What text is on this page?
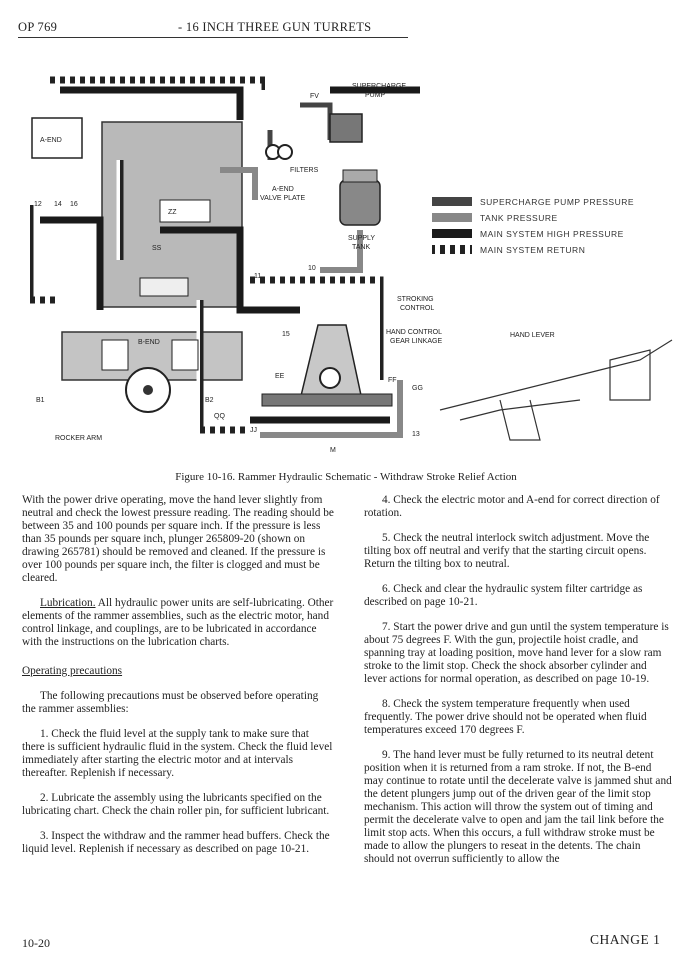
OP 769	- 16 INCH THREE GUN TURRETS
SUPERCHARGE PUMP PRESSURE
TANK PRESSURE
MAIN SYSTEM HIGH PRESSURE
MAIN SYSTEM RETURN
SUPERCHARGE
PUMP
FV
FILTERS
A-END
A-END
VALVE PLATE
SUPPLY
TANK
STROKING
CONTROL
HAND CONTROL
GEAR LINKAGE
HAND LEVER
B-END
ROCKER ARM
SS
ZZ
EE
FF
GG
QQ
JJ
B1	B2
M
12 14 16
10
11
13
15
Figure 10-16. Rammer Hydraulic Schematic - Withdraw Stroke Relief Action

With the power drive operating, move the hand lever slightly from neutral and check the lowest pressure reading. The reading should be between 35 and 100 pounds per square inch. If the pressure is less than 35 pounds per square inch, plunger 265809-20 (shown on drawing 265781) should be removed and cleaned. If the pressure is over 100 pounds per square inch, the filter is clogged and must be cleared.

Lubrication. All hydraulic power units are self-lubricating. Other elements of the rammer assemblies, such as the electric motor, hand control linkage, and couplings, are to be lubricated in accordance with the instructions on the lubrication charts.

Operating precautions

The following precautions must be observed before operating the rammer assemblies:

1. Check the fluid level at the supply tank to make sure that there is sufficient hydraulic fluid in the system. Check the fluid level immediately after starting the electric motor and at intervals thereafter. Replenish if necessary.

2. Lubricate the assembly using the lubricants specified on the lubricating chart. Check the chain roller pin, for sufficient lubricant.

3. Inspect the withdraw and the rammer head buffers. Check the liquid level. Replenish if necessary as described on page 10-21.

4. Check the electric motor and A-end for correct direction of rotation.

5. Check the neutral interlock switch adjustment. Move the tilting box off neutral and verify that the starting circuit opens. Return the tilting box to neutral.

6. Check and clear the hydraulic system filter cartridge as described on page 10-21.

7. Start the power drive and gun until the system temperature is about 75 degrees F. With the gun, projectile hoist cradle, and spanning tray at loading position, move hand lever for a slow ram stroke to the limit stop. Check the shock absorber cylinder and lever actions for normal operation, as described on page 10-19.

8. Check the system temperature frequently when used frequently. The power drive should not be operated when fluid temperatures exceed 170 degrees F.

9. The hand lever must be fully returned to its neutral detent position when it is returned from a ram stroke. If not, the B-end may continue to rotate until the decelerate valve is jammed shut and the detent plungers jump out of the driven gear of the limit stop mechanism. This action will throw the system out of timing and permit the decelerate valve to open and jam the tail link before the limit stop acts. When this occurs, a full withdraw stroke must be made to allow the plungers to reseat in the detents. The chain should not overrun sufficiently to allow the

10-20	CHANGE 1
